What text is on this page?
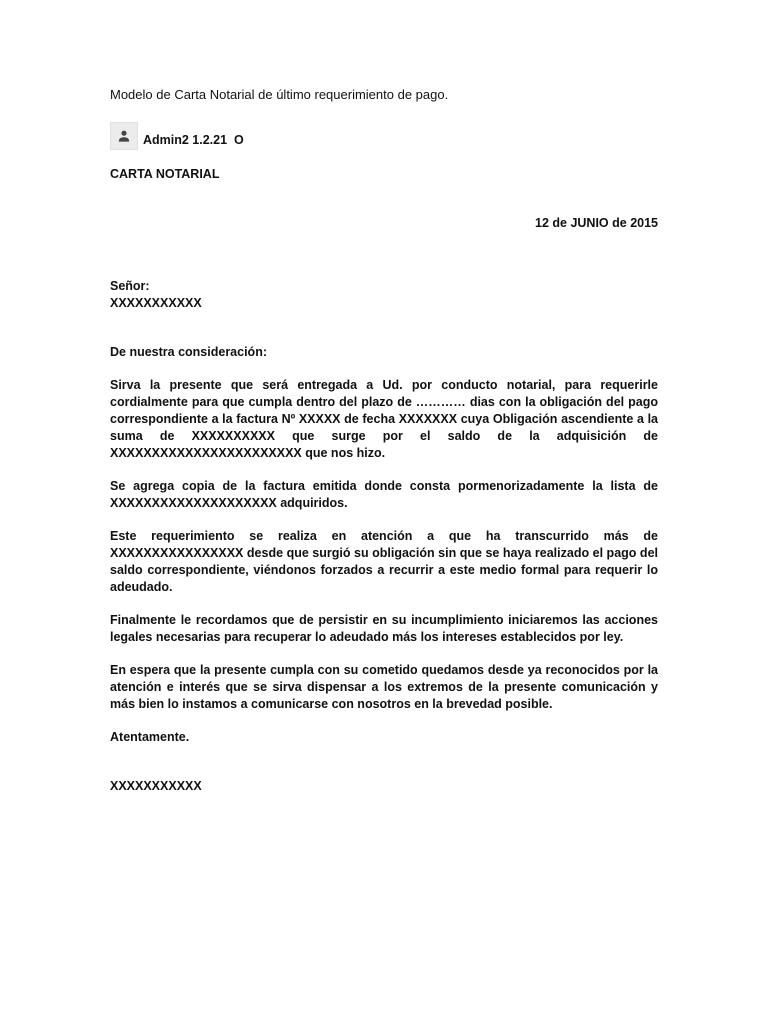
Modelo de Carta Notarial de último requerimiento de pago.
Admin2 1.2.21  O

CARTA NOTARIAL

12 de JUNIO de 2015

Señor:

XXXXXXXXXXX

De nuestra consideración:

Sirva la presente que será entregada a Ud. por conducto notarial, para requerirle cordialmente para que cumpla dentro del plazo de ………… dias con la obligación del pago correspondiente a la factura Nº XXXXX de fecha XXXXXXX cuya Obligación ascendiente a la suma de XXXXXXXXXX que surge por el saldo de la adquisición de XXXXXXXXXXXXXXXXXXXXXXX que nos hizo.

Se agrega copia de la factura emitida donde consta pormenorizadamente la lista de XXXXXXXXXXXXXXXXXXXX adquiridos.

Este requerimiento se realiza en atención a que ha transcurrido más de XXXXXXXXXXXXXXXX desde que surgió su obligación sin que se haya realizado el pago del saldo correspondiente, viéndonos forzados a recurrir a este medio formal para requerir lo adeudado.

Finalmente le recordamos que de persistir en su incumplimiento iniciaremos las acciones legales necesarias para recuperar lo adeudado más los intereses establecidos por ley.

En espera que la presente cumpla con su cometido quedamos desde ya reconocidos por la atención e interés que se sirva dispensar a los extremos de la presente comunicación y más bien lo instamos a comunicarse con nosotros en la brevedad posible.

Atentamente.

XXXXXXXXXXX
